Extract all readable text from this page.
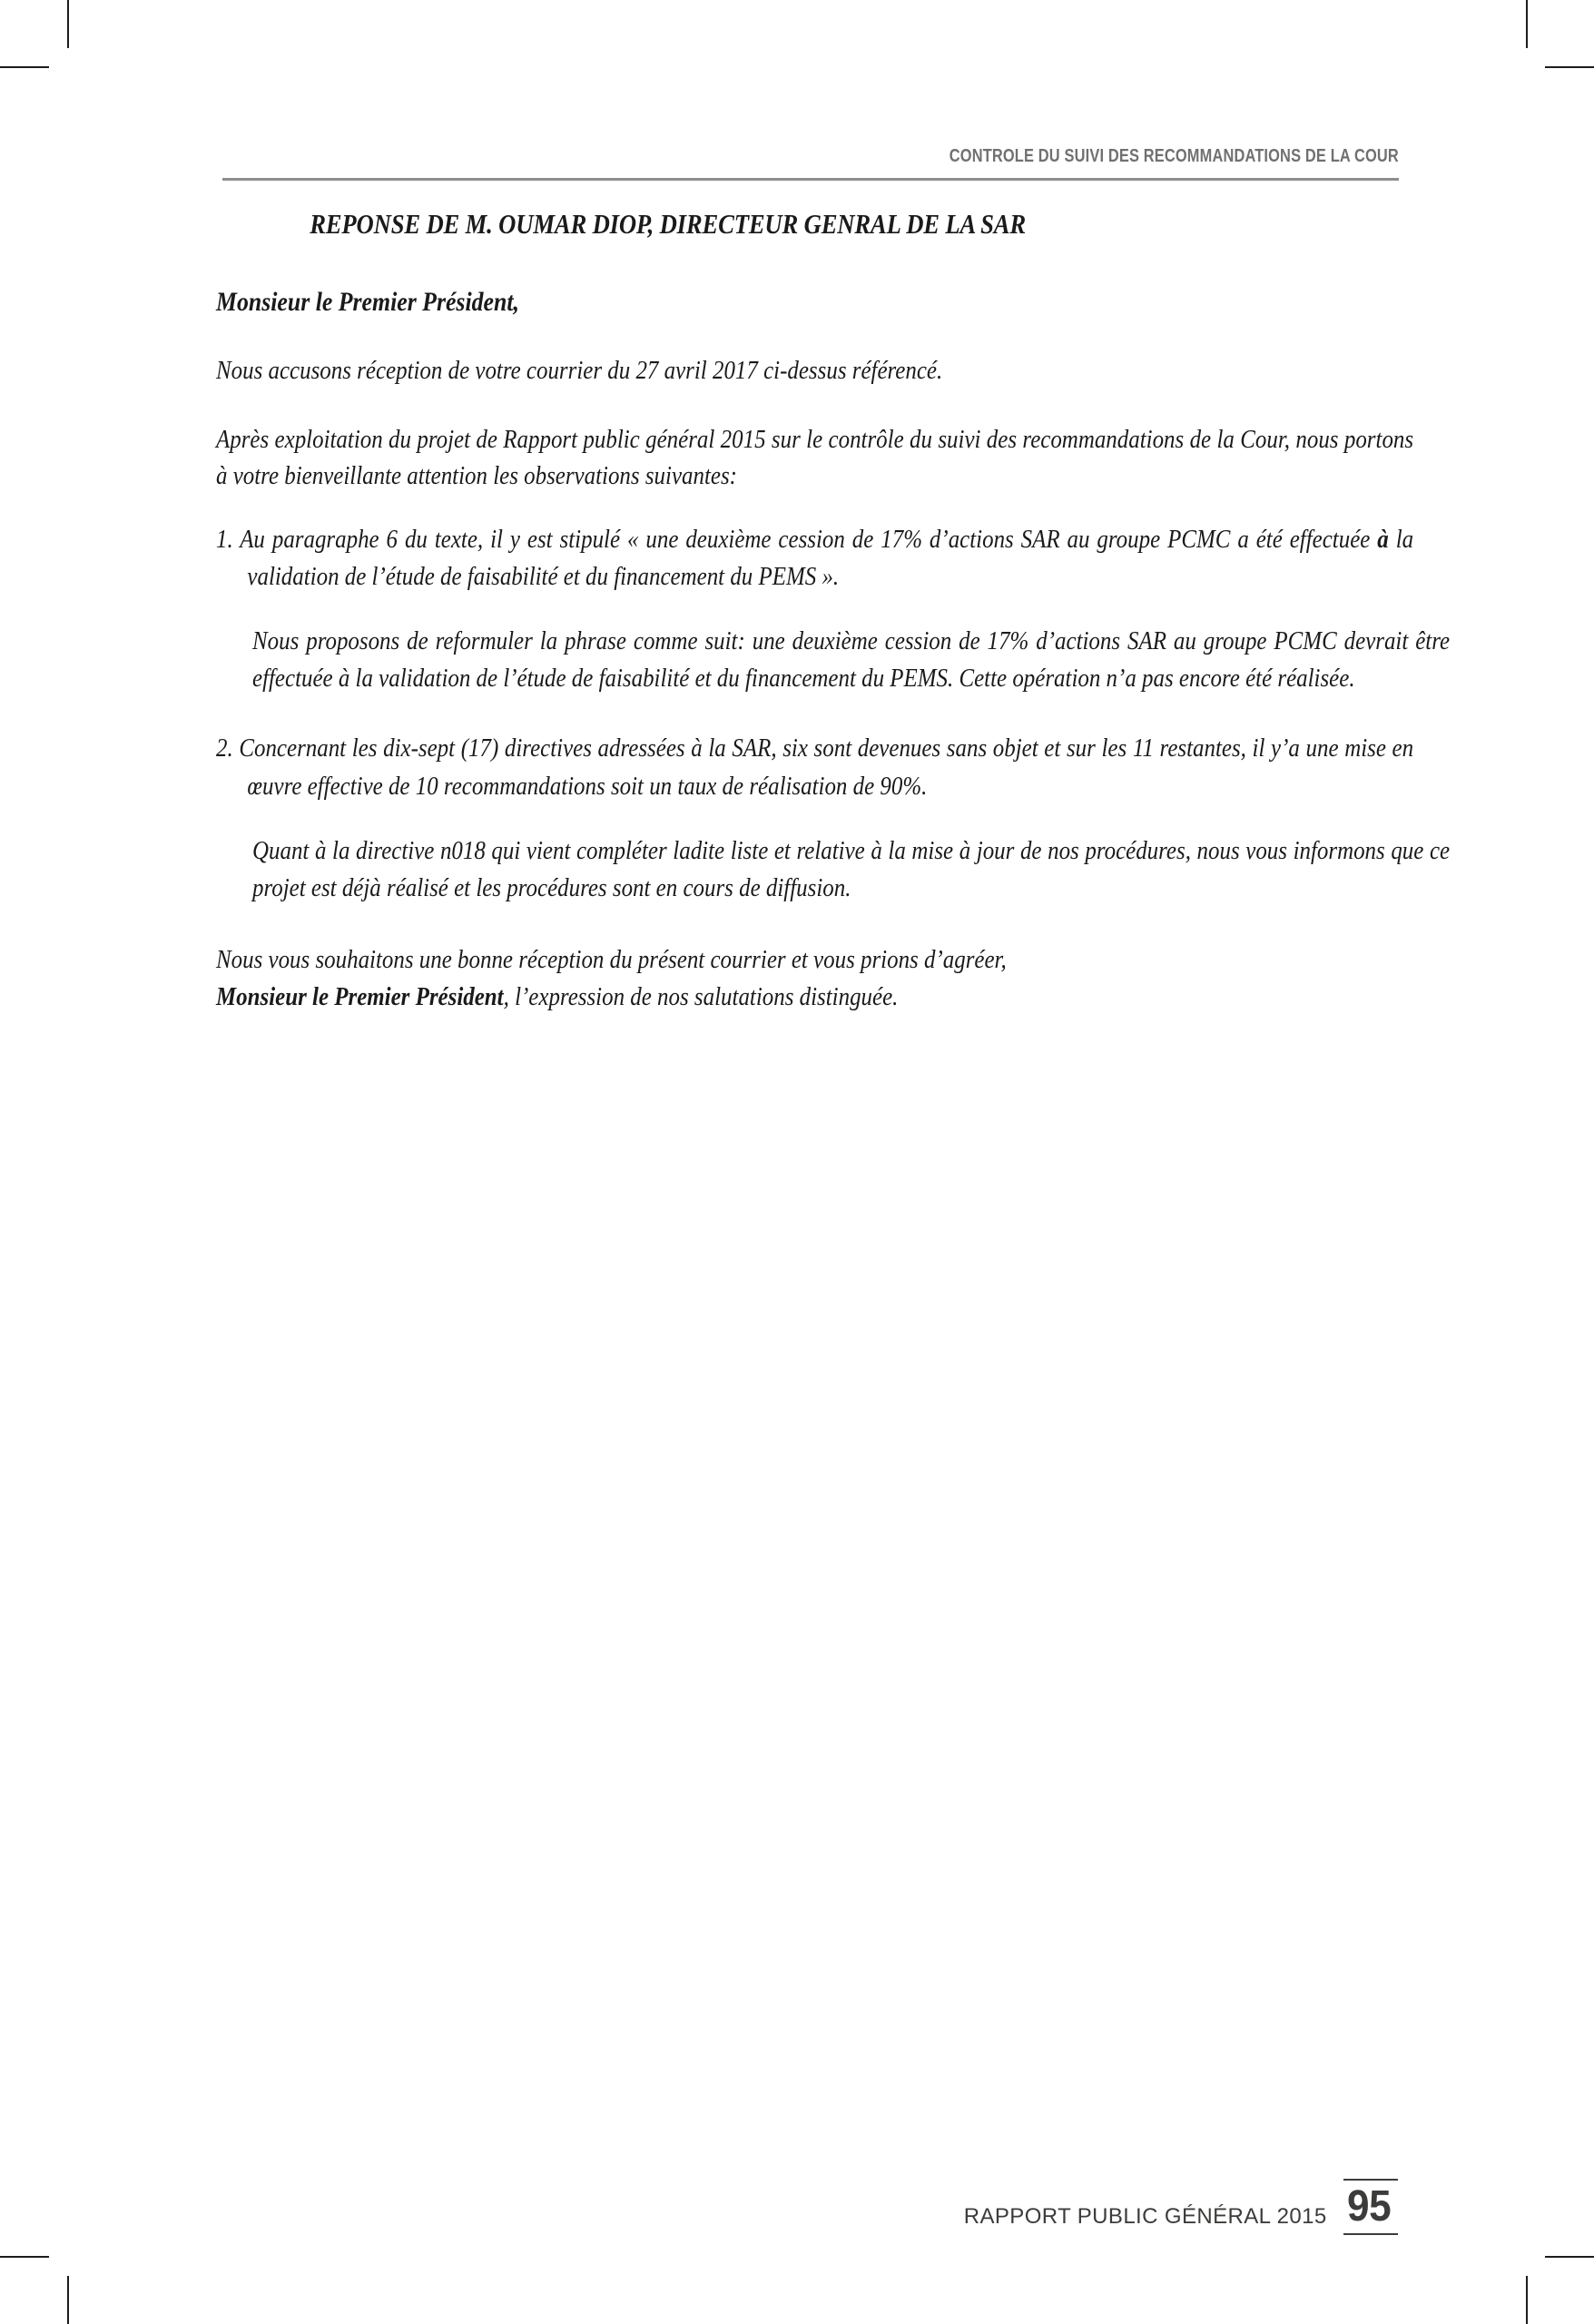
CONTROLE DU SUIVI DES RECOMMANDATIONS DE LA COUR
REPONSE DE M. OUMAR DIOP, DIRECTEUR GENRAL DE LA SAR

Monsieur le Premier Président,

Nous accusons réception de votre courrier du 27 avril 2017 ci-dessus référencé.

Après exploitation du projet de Rapport public général 2015 sur le contrôle du suivi des recommandations de la Cour, nous portons à votre bienveillante attention les observations suivantes:

1. Au paragraphe 6 du texte, il y est stipulé « une deuxième cession de 17% d’actions SAR au groupe PCMC a été effectuée à la validation de l’étude de faisabilité et du financement du PEMS ».

Nous proposons de reformuler la phrase comme suit: une deuxième cession de 17% d’actions SAR au groupe PCMC devrait être effectuée à la validation de l’étude de faisabilité et du financement du PEMS. Cette opération n’a pas encore été réalisée.

2. Concernant les dix-sept (17) directives adressées à la SAR, six sont devenues sans objet et sur les 11 restantes, il y’a une mise en œuvre effective de 10 recommandations soit un taux de réalisation de 90%.

Quant à la directive n018 qui vient compléter ladite liste et relative à la mise à jour de nos procédures, nous vous informons que ce projet est déjà réalisé et les procédures sont en cours de diffusion.

Nous vous souhaitons une bonne réception du présent courrier et vous prions d’agréer,
Monsieur le Premier Président, l’expression de nos salutations distinguée.

RAPPORT PUBLIC GÉNÉRAL 2015 95
